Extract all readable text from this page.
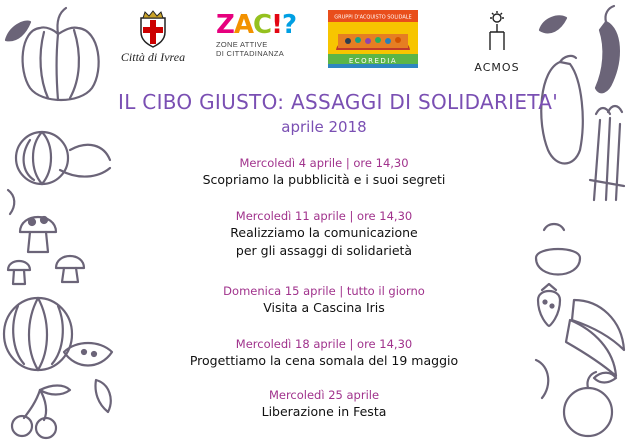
Città di Ivrea
ZAC!?
ZONE ATTIVE
DI CITTADINANZA
GRUPPI D'ACQUISTO SOLIDALE
ECOREDIA	ACMOS
IL CIBO GIUSTO: ASSAGGI DI SOLIDARIETA'
aprile 2018
Mercoledì 4 aprile | ore 14,30
Scopriamo la pubblicità e i suoi segreti
Mercoledì 11 aprile | ore 14,30
Realizziamo la comunicazione
per gli assaggi di solidarietà
Domenica 15 aprile | tutto il giorno
Visita a Cascina Iris
Mercoledì 18 aprile | ore 14,30
Progettiamo la cena somala del 19 maggio
Mercoledì 25 aprile
Liberazione in Festa
